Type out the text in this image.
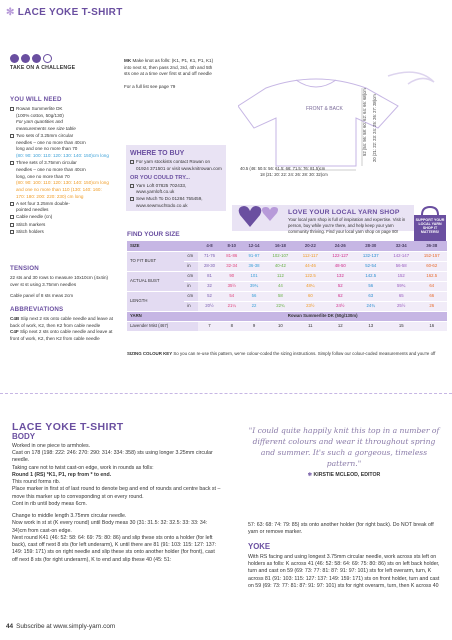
✻ LACE YOKE T-SHIRT
TAKE ON A CHALLENGE
YOU WILL NEED
Rowan Summerlite DK
(100% cotton, 50g/130)
For yarn quantities and
measurements see size table
Two sets of 3.25mm circular
needles – one no more than 40cm
long and one no more than 70
(80: 90: 100: 110: 120: 130: 140: 150)cm long
Three sets of 3.75mm circular
needles – one no more than 40cm
long, one no more than 70
(80: 90: 100: 110: 120: 130: 140: 150)cm long and one no more than 110 (130: 140: 160: 170: 180: 200: 220: 230) cm long
A set four 3.25mm double-
pointed needles
Cable needle (cn)
Stitch markers
Stitch holders
TENSION
22 sts and 30 rows to measure 10x10cm (4x4in) over st st using 3.75mm needles
Cable panel of 8 sts meas 2cm
ABBREVIATIONS
C4B Slip next 2 sts onto cable needle and leave at back of work, K2, then K2 from cable needle
C4F Slip next 2 sts onto cable needle and leave at front of work, K2, then K2 from cable needle
MK Make knot as folls: (K1, P1, K1, P1, K1) into next st, then pass 2nd, 3rd, 4th and 5th sts one at a time over first st and off needle
For a full list see page 79
WHERE TO BUY
For yarn stockists contact Rowan on 01924 371501 or visit www.knitrowan.com
OR YOU COULD TRY...
Yarn Loft 07825 702433, www.yarnloft.co.uk
Sew Much To Do 01284 755459, www.sewmuchtodo.co.uk
FRONT & BACK
40.5 (46: 50.5: 56: 61.5: 66: 71.5: 76: 81.5)cm
18 (21: 20: 22: 24: 26: 28: 30: 32)cm
52 (54: 56: 58: 60: 62: 64: 66: 68)cm 20 (21: 22: 23: 24: 25: 26: 27: 28)cm
LOVE YOUR LOCAL YARN SHOP
Your local yarn shop is full of inspiration and expertise. Visit in person, buy while you're there, and help keep your yarn community thriving. Find your local yarn shop on page 80!
SUPPORT YOUR LOCAL YARN SHOP IT MATTERS!
FIND YOUR SIZE
SIZE		4-8	8-10	12-14	16-18	20-22	24-26	28-30	32-34	36-38
TO FIT BUST	cm	71-76	81-86	91-97	102-107	112-117	122-127	132-137	142-147	152-157
	in	28-30	32-34	36-38	40-42	44-46	48-50	52-54	56-58	60-62
ACTUAL BUST	cm	81	90	101	112	122.5	132	142.5	152	162.5
	in	32	35½	39¾	44	48¼	52	56	59¾	64
LENGTH	cm	52	54	56	58	60	62	63	65	66
	in	20½	21¼	22	22¾	23½	24½	24¾	25½	26
YARN		Rowan Summerlite DK (50g/130m)								
Lavender Mist (467)		7	8	9	10	11	12	13	15	16
SIZING COLOUR KEY So you can re-use this pattern, we've colour-coded the sizing instructions. Simply follow our colour-coded measurements and you're off
LACE YOKE T-SHIRT
BODY
Worked in one piece to armholes.
Cast on 178 (198: 222: 246: 270: 290: 314: 334: 358) sts using longer 3.25mm circular needle.
Taking care not to twist cast-on edge, work in rounds as folls:
Round 1 (RS) *K1, P1, rep from * to end.
This round forms rib.
Place marker in first st of last round to denote beg and end of rounds and centre back st – move this marker up to corresponding st on every round.
Cont in rib until body meas 6cm.
Change to middle length 3.75mm circular needle.
Now work in st st (K every round) until Body meas 30 (31: 31.5: 32: 32.5: 33: 33: 34: 34)cm from cast-on edge.
Next round K41 (46: 52: 58: 64: 69: 75: 80: 86) and slip these sts onto a holder (for left back), cast off next 8 sts (for left underarm), K until there are 81 (91: 103: 115: 127: 137: 149: 159: 171) sts on right needle and slip these sts onto another holder (for front), cast off next 8 sts (for right underarm), K to end and slip these 40 (45: 51:
"I could quite happily knit this top in a number of different colours and wear it throughout spring and summer. It's such a gorgeous, timeless pattern."
✻ KIRSTIE MCLEOD, EDITOR
57: 63: 68: 74: 79: 85) sts onto another holder (for right back). Do NOT break off yarn or remove marker.
YOKE
With RS facing and using longest 3.75mm circular needle, work across sts left on holders as folls: K across 41 (46: 52: 58: 64: 69: 75: 80: 86) sts on left back holder, turn and cast on 59 (69: 73: 77: 81: 87: 91: 97: 101) sts for left overarm, turn, K across 81 (91: 103: 115: 127: 137: 149: 159: 171) sts on front holder, turn and cast on 59 (69: 73: 77: 81: 87: 91: 97: 101) sts for right overarm, turn, then K across 40
44 Subscribe at www.simply-yarn.com
